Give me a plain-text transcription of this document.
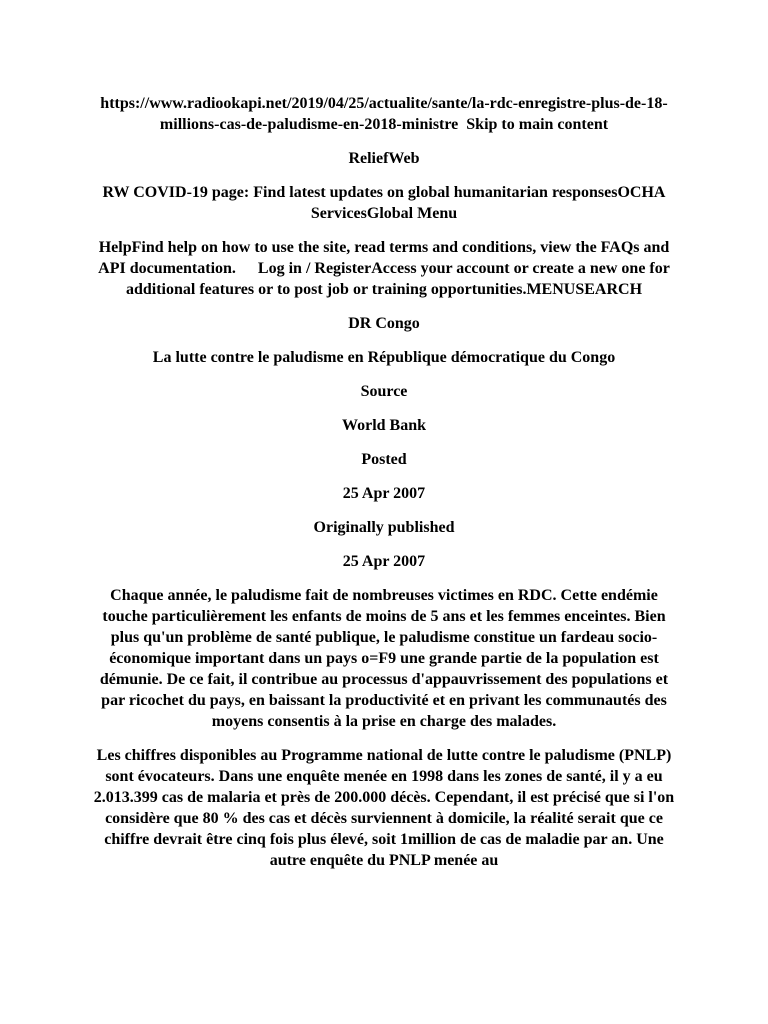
https://www.radiookapi.net/2019/04/25/actualite/sante/la-rdc-enregistre-plus-de-18-millions-cas-de-paludisme-en-2018-ministre Skip to main content

ReliefWeb

RW COVID-19 page: Find latest updates on global humanitarian responsesOCHA ServicesGlobal Menu

HelpFind help on how to use the site, read terms and conditions, view the FAQs and API documentation. Log in / RegisterAccess your account or create a new one for additional features or to post job or training opportunities.MENUSEARCH

DR Congo

La lutte contre le paludisme en République démocratique du Congo

Source

World Bank

Posted

25 Apr 2007

Originally published

25 Apr 2007

Chaque année, le paludisme fait de nombreuses victimes en RDC. Cette endémie touche particulièrement les enfants de moins de 5 ans et les femmes enceintes. Bien plus qu'un problème de santé publique, le paludisme constitue un fardeau socio-économique important dans un pays o=F9 une grande partie de la population est démunie. De ce fait, il contribue au processus d'appauvrissement des populations et par ricochet du pays, en baissant la productivité et en privant les communautés des moyens consentis à la prise en charge des malades.

Les chiffres disponibles au Programme national de lutte contre le paludisme (PNLP) sont évocateurs. Dans une enquête menée en 1998 dans les zones de santé, il y a eu 2.013.399 cas de malaria et près de 200.000 décès. Cependant, il est précisé que si l'on considère que 80 % des cas et décès surviennent à domicile, la réalité serait que ce chiffre devrait être cinq fois plus élevé, soit 1million de cas de maladie par an. Une autre enquête du PNLP menée au
